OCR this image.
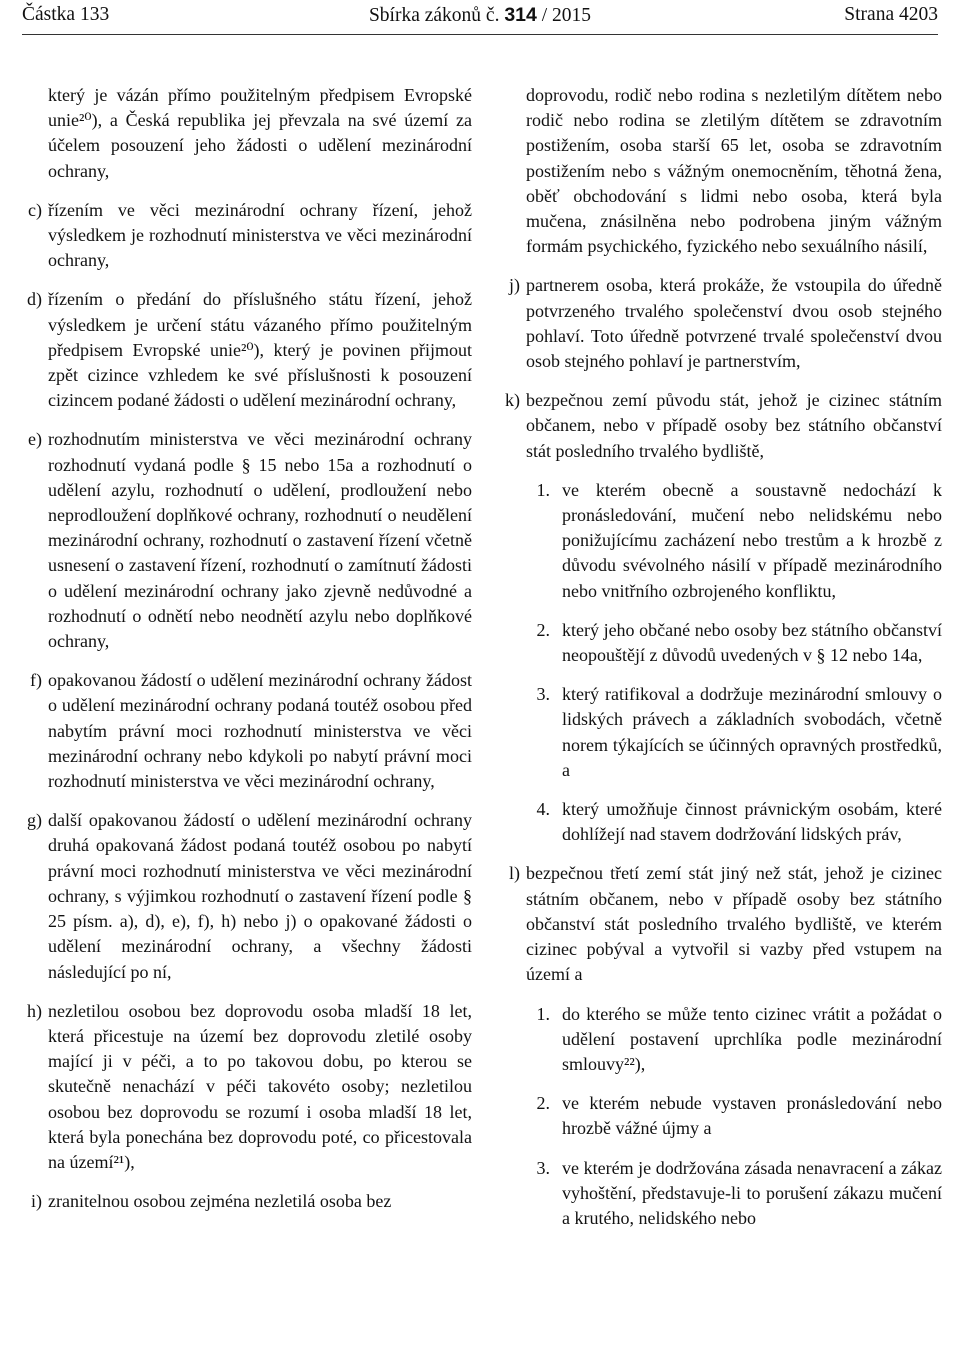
Částka 133	Sbírka zákonů č. 314 / 2015	Strana 4203
který je vázán přímo použitelným předpisem Evropské unie²⁰), a Česká republika jej převzala na své území za účelem posouzení jeho žádosti o udělení mezinárodní ochrany,
c) řízením ve věci mezinárodní ochrany řízení, jehož výsledkem je rozhodnutí ministerstva ve věci mezinárodní ochrany,
d) řízením o předání do příslušného státu řízení, jehož výsledkem je určení státu vázaného přímo použitelným předpisem Evropské unie²⁰), který je povinen přijmout zpět cizince vzhledem ke své příslušnosti k posouzení cizincem podané žádosti o udělení mezinárodní ochrany,
e) rozhodnutím ministerstva ve věci mezinárodní ochrany rozhodnutí vydaná podle § 15 nebo 15a a rozhodnutí o udělení azylu, rozhodnutí o udělení, prodloužení nebo neprodloužení doplňkové ochrany, rozhodnutí o neudělení mezinárodní ochrany, rozhodnutí o zastavení řízení včetně usnesení o zastavení řízení, rozhodnutí o zamítnutí žádosti o udělení mezinárodní ochrany jako zjevně nedůvodné a rozhodnutí o odnětí nebo neodnětí azylu nebo doplňkové ochrany,
f) opakovanou žádostí o udělení mezinárodní ochrany žádost o udělení mezinárodní ochrany podaná toutéž osobou před nabytím právní moci rozhodnutí ministerstva ve věci mezinárodní ochrany nebo kdykoli po nabytí právní moci rozhodnutí ministerstva ve věci mezinárodní ochrany,
g) další opakovanou žádostí o udělení mezinárodní ochrany druhá opakovaná žádost podaná toutéž osobou po nabytí právní moci rozhodnutí ministerstva ve věci mezinárodní ochrany, s výjimkou rozhodnutí o zastavení řízení podle § 25 písm. a), d), e), f), h) nebo j) o opakované žádosti o udělení mezinárodní ochrany, a všechny žádosti následující po ní,
h) nezletilou osobou bez doprovodu osoba mladší 18 let, která přicestuje na území bez doprovodu zletilé osoby mající ji v péči, a to po takovou dobu, po kterou se skutečně nenachází v péči takovéto osoby; nezletilou osobou bez doprovodu se rozumí i osoba mladší 18 let, která byla ponechána bez doprovodu poté, co přicestovala na území²¹),
i) zranitelnou osobou zejména nezletilá osoba bez
doprovodu, rodič nebo rodina s nezletilým dítětem nebo rodič nebo rodina se zletilým dítětem se zdravotním postižením, osoba starší 65 let, osoba se zdravotním postižením nebo s vážným onemocněním, těhotná žena, oběť obchodování s lidmi nebo osoba, která byla mučena, znásilněna nebo podrobena jiným vážným formám psychického, fyzického nebo sexuálního násilí,
j) partnerem osoba, která prokáže, že vstoupila do úředně potvrzeného trvalého společenství dvou osob stejného pohlaví. Toto úředně potvrzené trvalé společenství dvou osob stejného pohlaví je partnerstvím,
k) bezpečnou zemí původu stát, jehož je cizinec státním občanem, nebo v případě osoby bez státního občanství stát posledního trvalého bydliště,
1. ve kterém obecně a soustavně nedochází k pronásledování, mučení nebo nelidskému nebo ponižujícímu zacházení nebo trestům a k hrozbě z důvodu svévolného násilí v případě mezinárodního nebo vnitřního ozbrojeného konfliktu,
2. který jeho občané nebo osoby bez státního občanství neopouštějí z důvodů uvedených v § 12 nebo 14a,
3. který ratifikoval a dodržuje mezinárodní smlouvy o lidských právech a základních svobodách, včetně norem týkajících se účinných opravných prostředků, a
4. který umožňuje činnost právnickým osobám, které dohlížejí nad stavem dodržování lidských práv,
l) bezpečnou třetí zemí stát jiný než stát, jehož je cizinec státním občanem, nebo v případě osoby bez státního občanství stát posledního trvalého bydliště, ve kterém cizinec pobýval a vytvořil si vazby před vstupem na území a
1. do kterého se může tento cizinec vrátit a požádat o udělení postavení uprchlíka podle mezinárodní smlouvy²²),
2. ve kterém nebude vystaven pronásledování nebo hrozbě vážné újmy a
3. ve kterém je dodržována zásada nenavracení a zákaz vyhoštění, představuje-li to porušení zákazu mučení a krutého, nelidského nebo
